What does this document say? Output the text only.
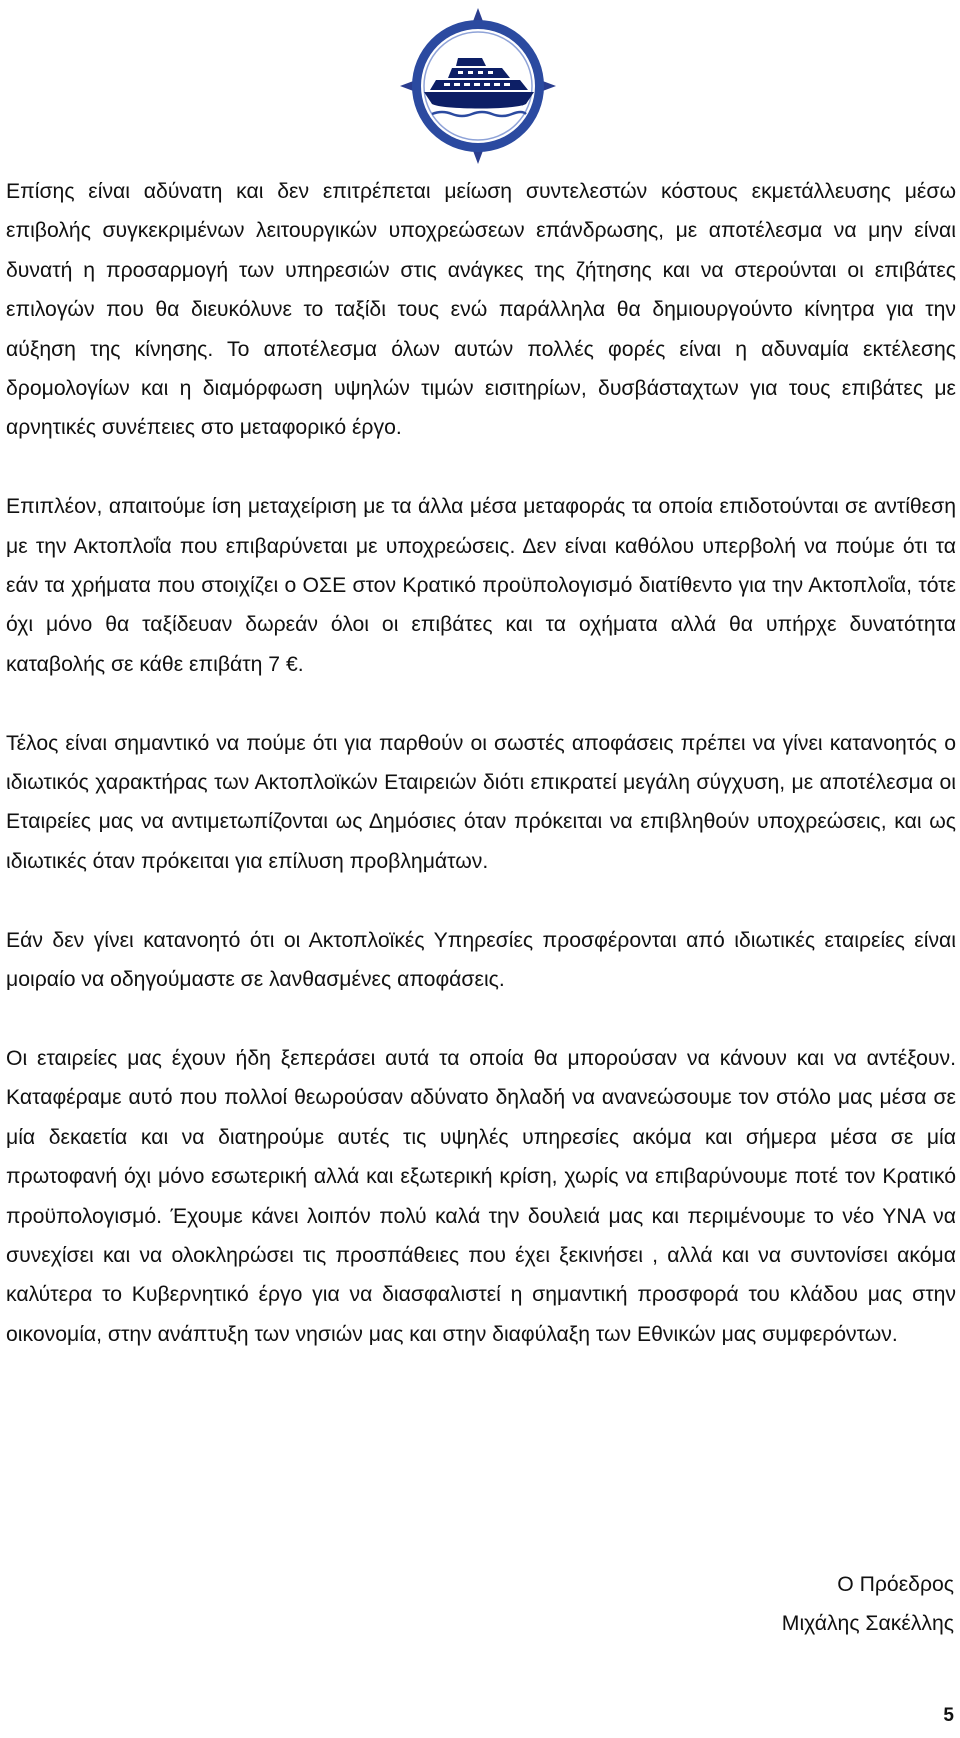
Επίσης είναι αδύνατη και δεν επιτρέπεται μείωση συντελεστών κόστους εκμετάλλευσης μέσω επιβολής συγκεκριμένων λειτουργικών υποχρεώσεων επάνδρωσης, με αποτέλεσμα να μην είναι δυνατή η προσαρμογή των υπηρεσιών στις ανάγκες της ζήτησης και να στερούνται οι επιβάτες επιλογών που θα διευκόλυνε το ταξίδι τους ενώ παράλληλα θα δημιουργούντο κίνητρα για την αύξηση της κίνησης. Το αποτέλεσμα όλων αυτών πολλές φορές είναι η αδυναμία εκτέλεσης δρομολογίων και η διαμόρφωση υψηλών τιμών εισιτηρίων, δυσβάσταχτων για τους επιβάτες με αρνητικές συνέπειες στο μεταφορικό έργο.

Επιπλέον, απαιτούμε ίση μεταχείριση με τα άλλα μέσα μεταφοράς τα οποία επιδοτούνται σε αντίθεση με την Ακτοπλοΐα που επιβαρύνεται με υποχρεώσεις. Δεν είναι καθόλου υπερβολή να πούμε ότι τα εάν τα χρήματα που στοιχίζει ο ΟΣΕ στον Κρατικό προϋπολογισμό διατίθεντο για την Ακτοπλοΐα, τότε όχι μόνο θα ταξίδευαν δωρεάν όλοι οι επιβάτες και τα οχήματα αλλά θα υπήρχε δυνατότητα καταβολής σε κάθε επιβάτη 7 €.

Τέλος είναι σημαντικό να πούμε ότι για παρθούν οι σωστές αποφάσεις πρέπει να γίνει κατανοητός ο ιδιωτικός χαρακτήρας των Ακτοπλοϊκών Εταιρειών διότι επικρατεί μεγάλη σύγχυση, με αποτέλεσμα οι Εταιρείες μας να αντιμετωπίζονται ως Δημόσιες όταν πρόκειται να επιβληθούν υποχρεώσεις, και ως ιδιωτικές όταν πρόκειται για επίλυση προβλημάτων.

Εάν δεν γίνει κατανοητό ότι οι Ακτοπλοϊκές Υπηρεσίες προσφέρονται από ιδιωτικές εταιρείες είναι μοιραίο να οδηγούμαστε σε λανθασμένες αποφάσεις.

Οι εταιρείες μας έχουν ήδη ξεπεράσει αυτά τα οποία θα μπορούσαν να κάνουν και να αντέξουν. Καταφέραμε αυτό που πολλοί θεωρούσαν αδύνατο δηλαδή να ανανεώσουμε τον στόλο μας μέσα σε μία δεκαετία και να διατηρούμε αυτές τις υψηλές υπηρεσίες ακόμα και σήμερα μέσα σε μία πρωτοφανή όχι μόνο εσωτερική αλλά και εξωτερική κρίση, χωρίς να επιβαρύνουμε ποτέ τον Κρατικό προϋπολογισμό. Έχουμε κάνει λοιπόν πολύ καλά την δουλειά μας και περιμένουμε το νέο ΥΝΑ να συνεχίσει και να ολοκληρώσει τις προσπάθειες που έχει ξεκινήσει , αλλά και να συντονίσει ακόμα καλύτερα το Κυβερνητικό έργο για να διασφαλιστεί η σημαντική προσφορά του κλάδου μας στην οικονομία, στην ανάπτυξη των νησιών μας και στην διαφύλαξη των Εθνικών μας συμφερόντων.

Ο Πρόεδρος
Μιχάλης Σακέλλης
5
